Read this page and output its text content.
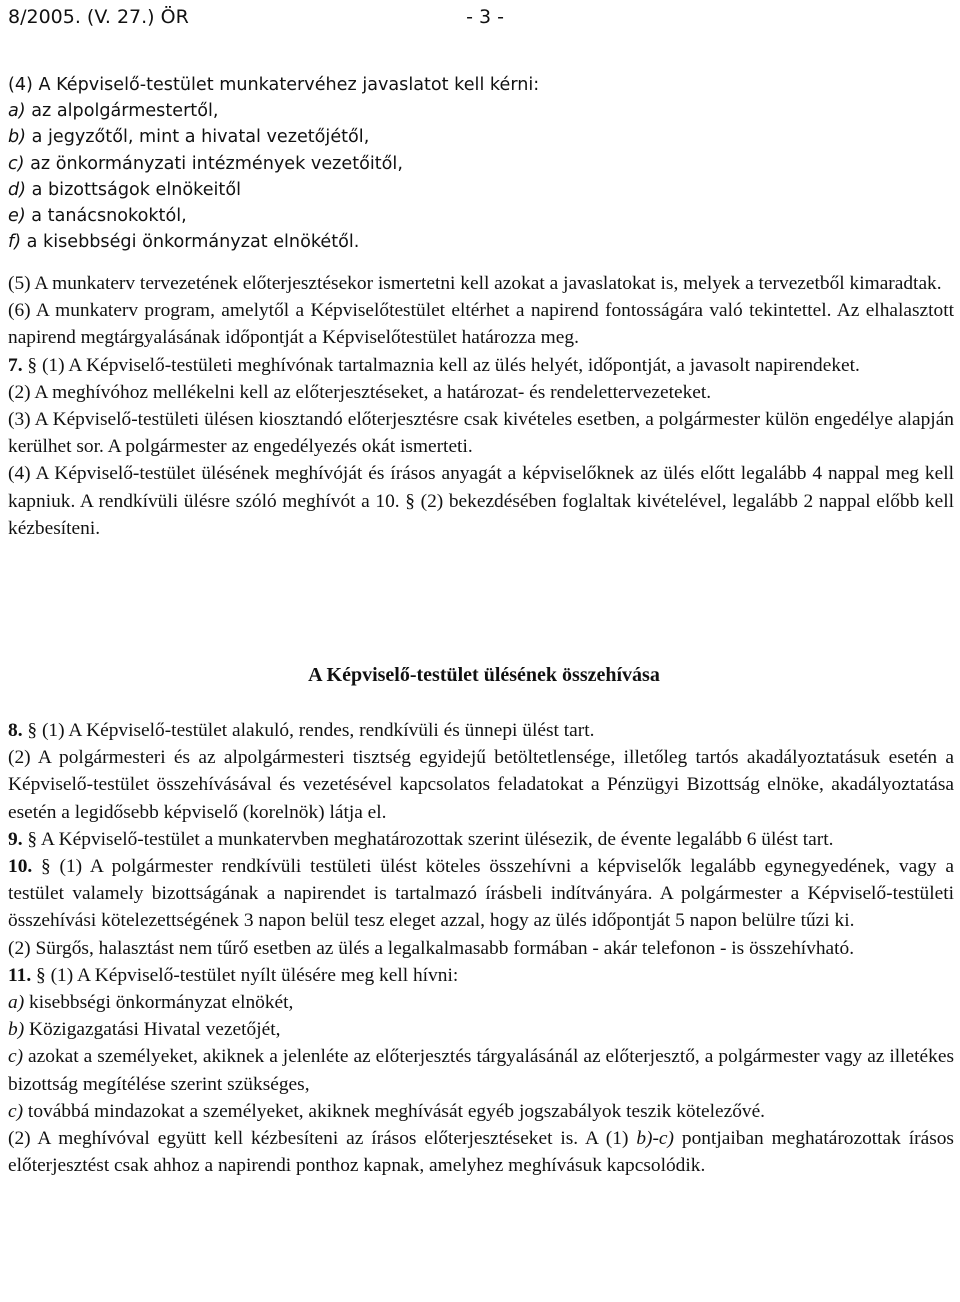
8/2005. (V. 27.) ÖR	- 3 -
(4) A Képviselő-testület munkatervéhez javaslatot kell kérni:
a) az alpolgármestertől,
b) a jegyzőtől, mint a hivatal vezetőjétől,
c) az önkormányzati intézmények vezetőitől,
d) a bizottságok elnökeitől
e) a tanácsnokoktól,
f) a kisebbségi önkormányzat elnökétől.

(5) A munkaterv tervezetének előterjesztésekor ismertetni kell azokat a javaslatokat is, melyek a tervezetből kimaradtak.

(6) A munkaterv program, amelytől a Képviselőtestület eltérhet a napirend fontosságára való tekintettel. Az elhalasztott napirend megtárgyalásának időpontját a Képviselőtestület határozza meg.

7. § (1) A Képviselő-testületi meghívónak tartalmaznia kell az ülés helyét, időpontját, a javasolt napirendeket.

(2) A meghívóhoz mellékelni kell az előterjesztéseket, a határozat- és rendelettervezeteket.

(3) A Képviselő-testületi ülésen kiosztandó előterjesztésre csak kivételes esetben, a polgármester külön engedélye alapján kerülhet sor. A polgármester az engedélyezés okát ismerteti.

(4) A Képviselő-testület ülésének meghívóját és írásos anyagát a képviselőknek az ülés előtt legalább 4 nappal meg kell kapniuk. A rendkívüli ülésre szóló meghívót a 10. § (2) bekezdésében foglaltak kivételével, legalább 2 nappal előbb kell kézbesíteni.

A Képviselő-testület ülésének összehívása

8. § (1) A Képviselő-testület alakuló, rendes, rendkívüli és ünnepi ülést tart.

(2) A polgármesteri és az alpolgármesteri tisztség egyidejű betöltetlensége, illetőleg tartós akadályoztatásuk esetén a Képviselő-testület összehívásával és vezetésével kapcsolatos feladatokat a Pénzügyi Bizottság elnöke, akadályoztatása esetén a legidősebb képviselő (korelnök) látja el.

9. § A Képviselő-testület a munkatervben meghatározottak szerint ülésezik, de évente legalább 6 ülést tart.

10. § (1) A polgármester rendkívüli testületi ülést köteles összehívni a képviselők legalább egynegyedének, vagy a testület valamely bizottságának a napirendet is tartalmazó írásbeli indítványára. A polgármester a Képviselő-testületi összehívási kötelezettségének 3 napon belül tesz eleget azzal, hogy az ülés időpontját 5 napon belülre tűzi ki.

(2) Sürgős, halasztást nem tűrő esetben az ülés a legalkalmasabb formában - akár telefonon - is összehívható.

11. § (1) A Képviselő-testület nyílt ülésére meg kell hívni:

a) kisebbségi önkormányzat elnökét,

b) Közigazgatási Hivatal vezetőjét,

c) azokat a személyeket, akiknek a jelenléte az előterjesztés tárgyalásánál az előterjesztő, a polgármester vagy az illetékes bizottság megítélése szerint szükséges,

c) továbbá mindazokat a személyeket, akiknek meghívását egyéb jogszabályok teszik kötelezővé.

(2) A meghívóval együtt kell kézbesíteni az írásos előterjesztéseket is. A (1) b)-c) pontjaiban meghatározottak írásos előterjesztést csak ahhoz a napirendi ponthoz kapnak, amelyhez meghívásuk kapcsolódik.
